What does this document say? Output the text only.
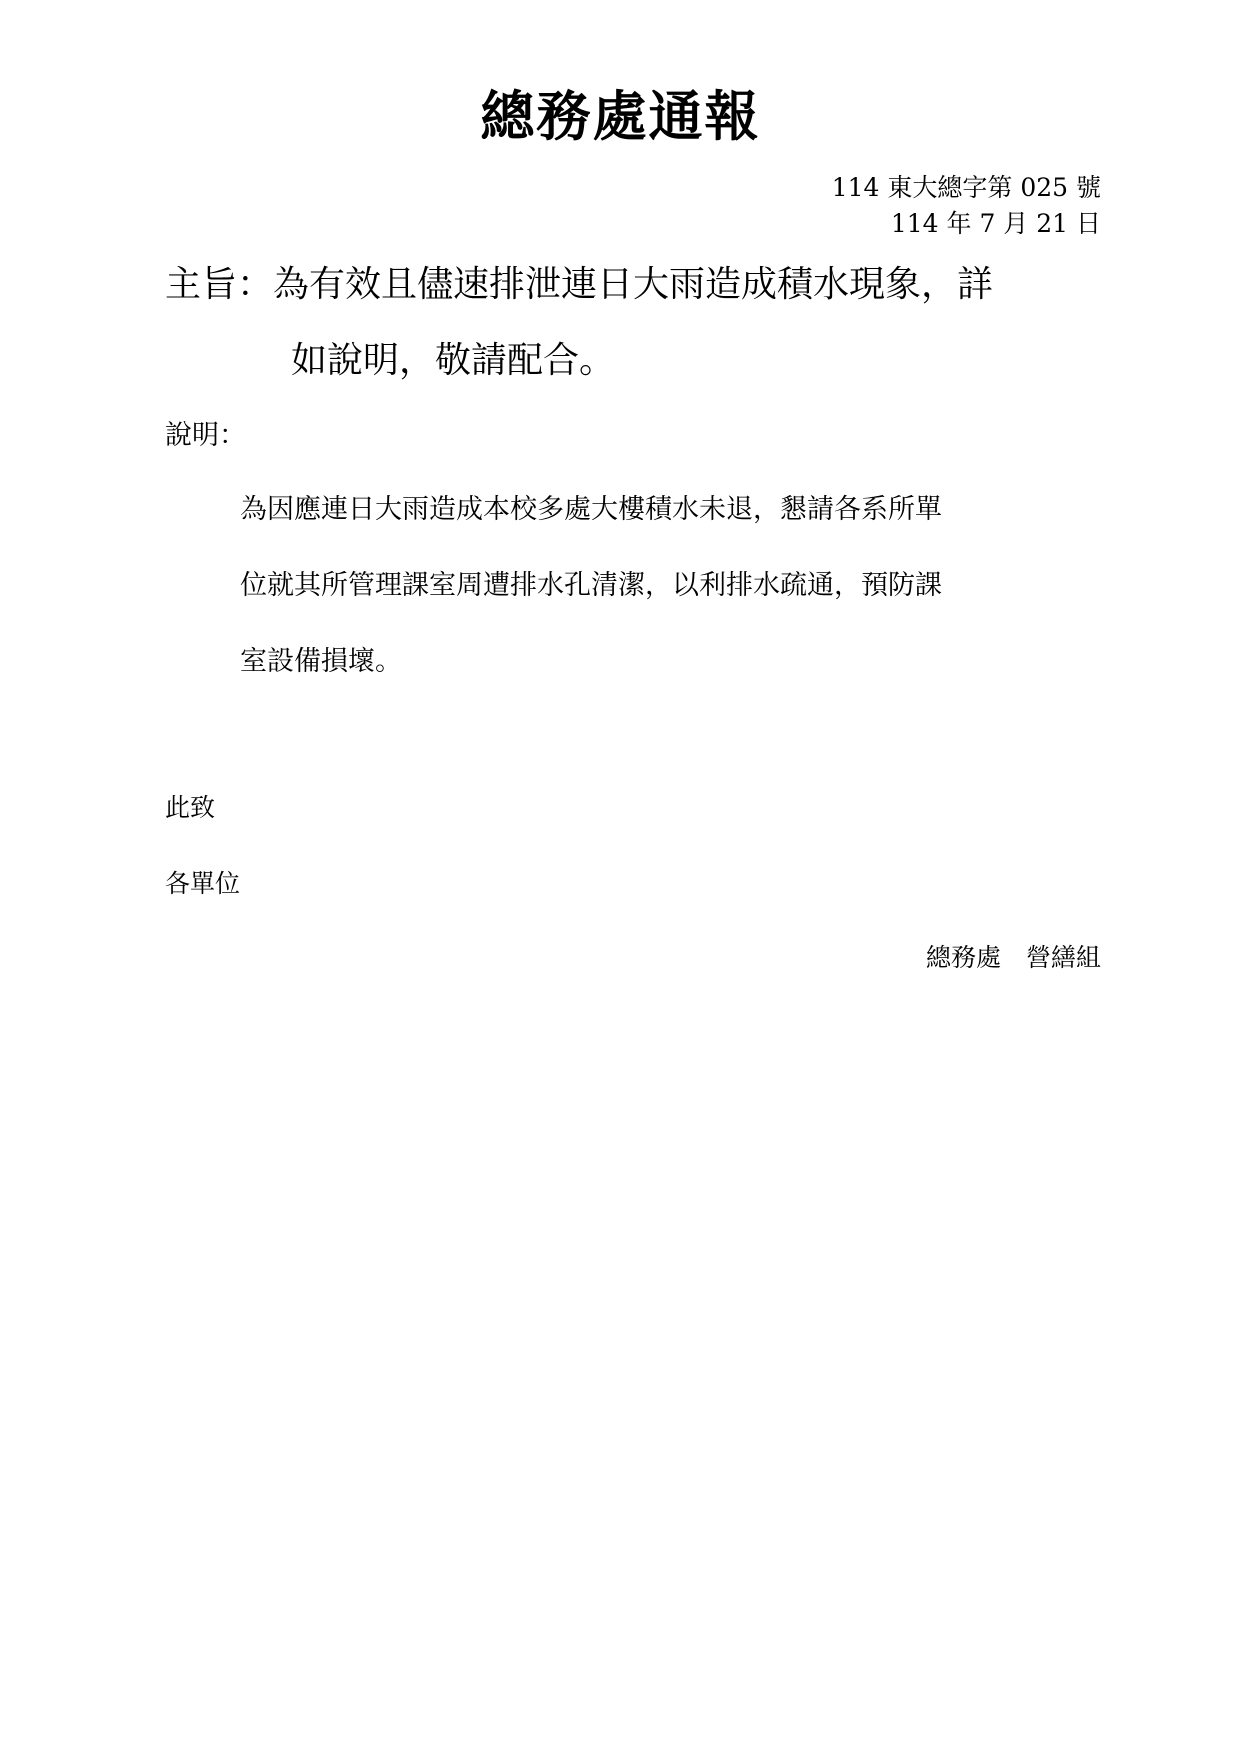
總務處通報
114 東大總字第 025 號
114 年 7 月 21 日
主旨：為有效且儘速排泄連日大雨造成積水現象，詳
如說明，敬請配合。
說明：
為因應連日大雨造成本校多處大樓積水未退，懇請各系所單
位就其所管理課室周遭排水孔清潔，以利排水疏通，預防課
室設備損壞。
此致
各單位
總務處　營繕組
